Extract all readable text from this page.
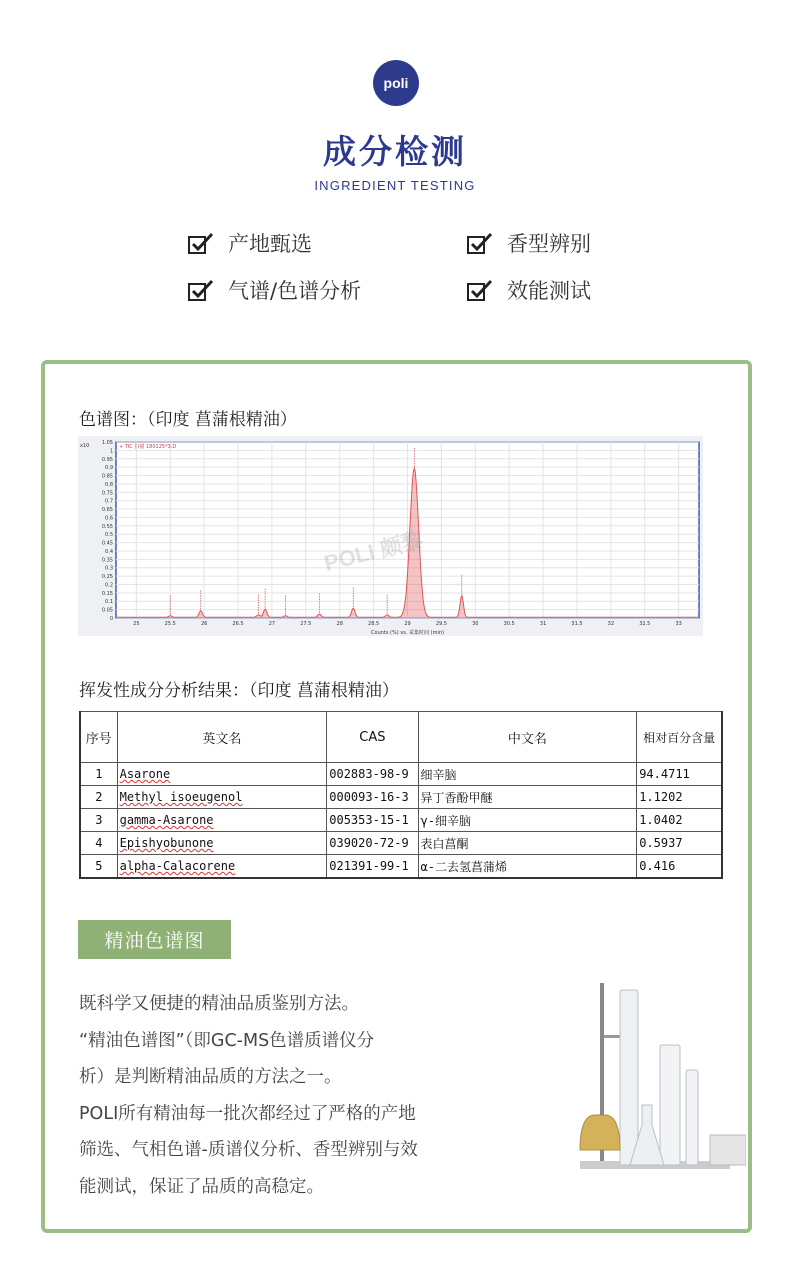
poli
成分检测
INGREDIENT TESTING
产地甄选	香型辨别
气谱/色谱分析	效能测试
色谱图：（印度 菖蒲根精油）
1.05
1
0.95
0.9
0.85
0.8
0.75
0.7
0.65
0.6
0.55
0.5
0.45
0.4
0.35
0.3
0.25
0.2
0.15
0.1
0.05
0
25	25.5	26	26.5	27	27.5	28	28.5	29	29.5	30	30.5	31	31.5	32	32.5	33
x10
Counts (%) vs. 采集时间 (min)
+ TIC 扫描 180125*3.D
POLI 颇黎
挥发性成分分析结果：（印度 菖蒲根精油）
序号	英文名	CAS	中文名	相对百分含量
1	Asarone	002883-98-9	细辛脑	94.4711
2	Methyl isoeugenol	000093-16-3	异丁香酚甲醚	1.1202
3	gamma-Asarone	005353-15-1	γ-细辛脑	1.0402
4	Epishyobunone	039020-72-9	表白菖酮	0.5937
5	alpha-Calacorene	021391-99-1	α-二去氢菖蒲烯	0.416
精油色谱图
既科学又便捷的精油品质鉴别方法。
“精油色谱图”（即GC-MS色谱质谱仪分
析）是判断精油品质的方法之一。
POLI所有精油每一批次都经过了严格的产地
筛选、气相色谱-质谱仪分析、香型辨别与效
能测试，保证了品质的高稳定。
